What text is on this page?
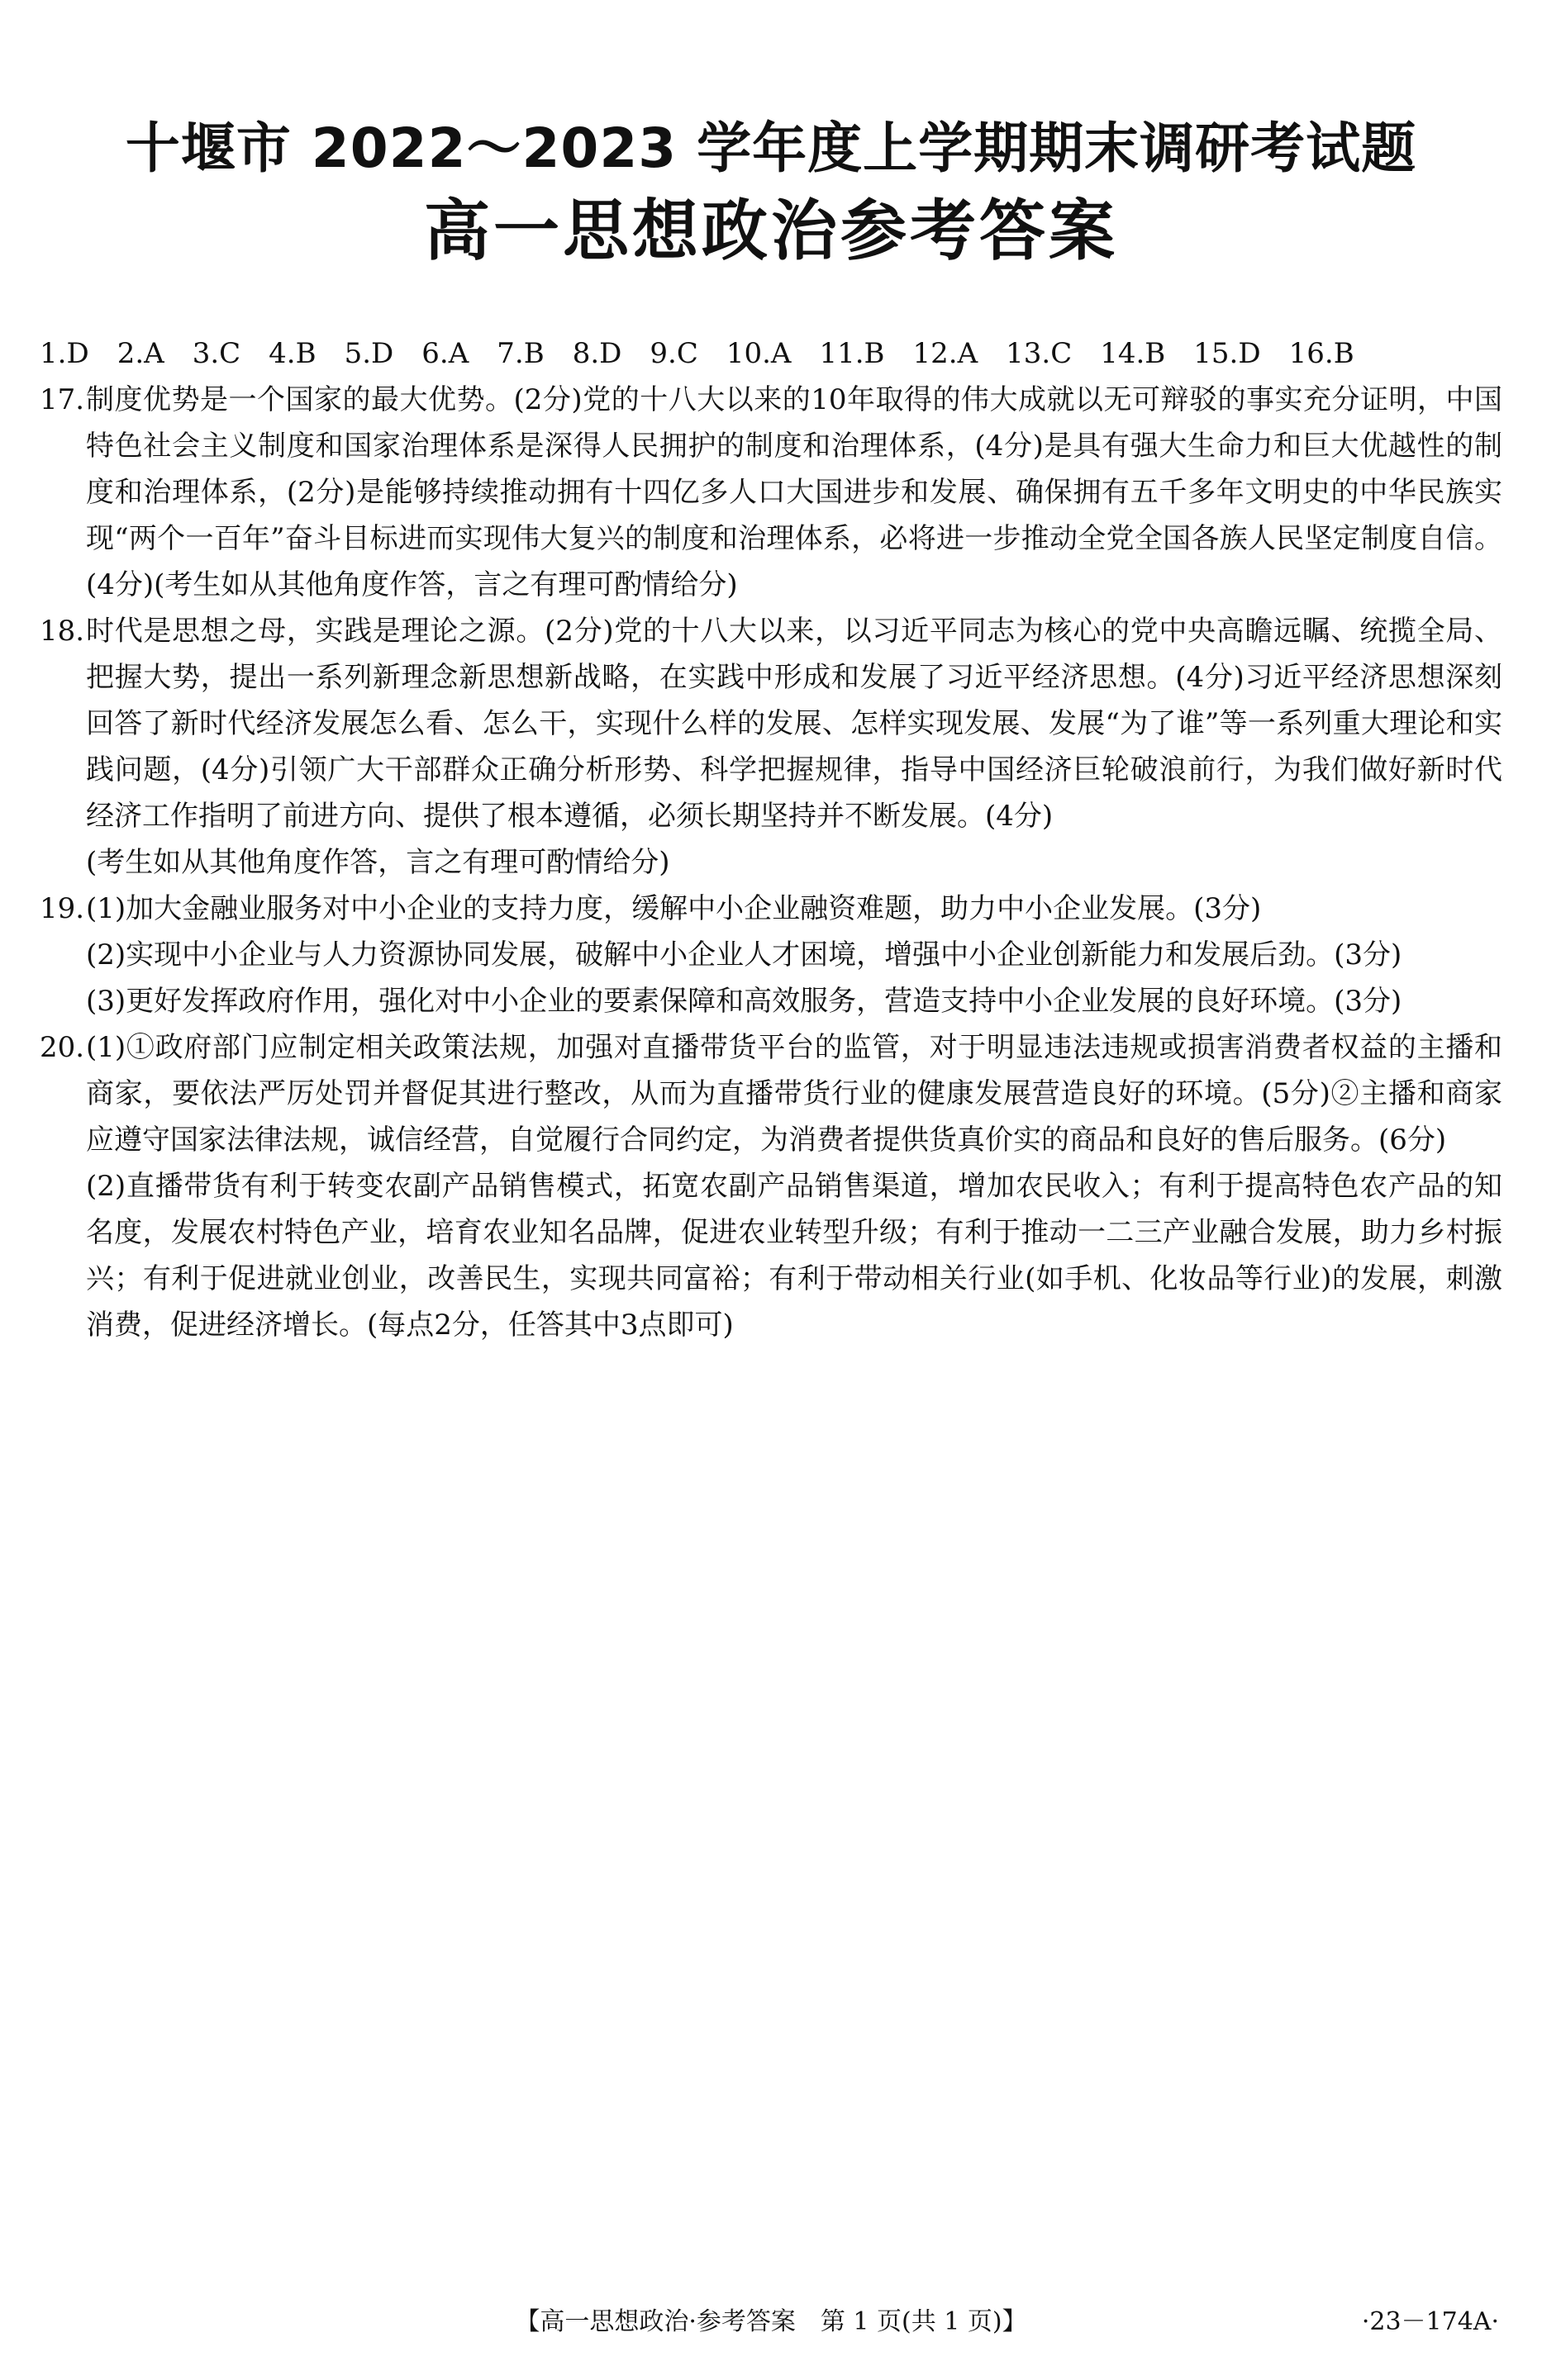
十堰市 2022～2023 学年度上学期期末调研考试题
高一思想政治参考答案

1.D　2.A　3.C　4.B　5.D　6.A　7.B　8.D　9.C　10.A　11.B　12.A　13.C　14.B　15.D　16.B

17. 制度优势是一个国家的最大优势。(2分)党的十八大以来的10年取得的伟大成就以无可辩驳的事实充分证明，中国特色社会主义制度和国家治理体系是深得人民拥护的制度和治理体系，(4分)是具有强大生命力和巨大优越性的制度和治理体系，(2分)是能够持续推动拥有十四亿多人口大国进步和发展、确保拥有五千多年文明史的中华民族实现“两个一百年”奋斗目标进而实现伟大复兴的制度和治理体系，必将进一步推动全党全国各族人民坚定制度自信。(4分)(考生如从其他角度作答，言之有理可酌情给分)

18. 时代是思想之母，实践是理论之源。(2分)党的十八大以来，以习近平同志为核心的党中央高瞻远瞩、统揽全局、把握大势，提出一系列新理念新思想新战略，在实践中形成和发展了习近平经济思想。(4分)习近平经济思想深刻回答了新时代经济发展怎么看、怎么干，实现什么样的发展、怎样实现发展、发展“为了谁”等一系列重大理论和实践问题，(4分)引领广大干部群众正确分析形势、科学把握规律，指导中国经济巨轮破浪前行，为我们做好新时代经济工作指明了前进方向、提供了根本遵循，必须长期坚持并不断发展。(4分)

(考生如从其他角度作答，言之有理可酌情给分)

19. (1)加大金融业服务对中小企业的支持力度，缓解中小企业融资难题，助力中小企业发展。(3分)

(2)实现中小企业与人力资源协同发展，破解中小企业人才困境，增强中小企业创新能力和发展后劲。(3分)

(3)更好发挥政府作用，强化对中小企业的要素保障和高效服务，营造支持中小企业发展的良好环境。(3分)

20. (1)①政府部门应制定相关政策法规，加强对直播带货平台的监管，对于明显违法违规或损害消费者权益的主播和商家，要依法严厉处罚并督促其进行整改，从而为直播带货行业的健康发展营造良好的环境。(5分)②主播和商家应遵守国家法律法规，诚信经营，自觉履行合同约定，为消费者提供货真价实的商品和良好的售后服务。(6分)

(2)直播带货有利于转变农副产品销售模式，拓宽农副产品销售渠道，增加农民收入；有利于提高特色农产品的知名度，发展农村特色产业，培育农业知名品牌，促进农业转型升级；有利于推动一二三产业融合发展，助力乡村振兴；有利于促进就业创业，改善民生，实现共同富裕；有利于带动相关行业(如手机、化妆品等行业)的发展，刺激消费，促进经济增长。(每点2分，任答其中3点即可)

【高一思想政治·参考答案　第 1 页(共 1 页)】	·23－174A·
